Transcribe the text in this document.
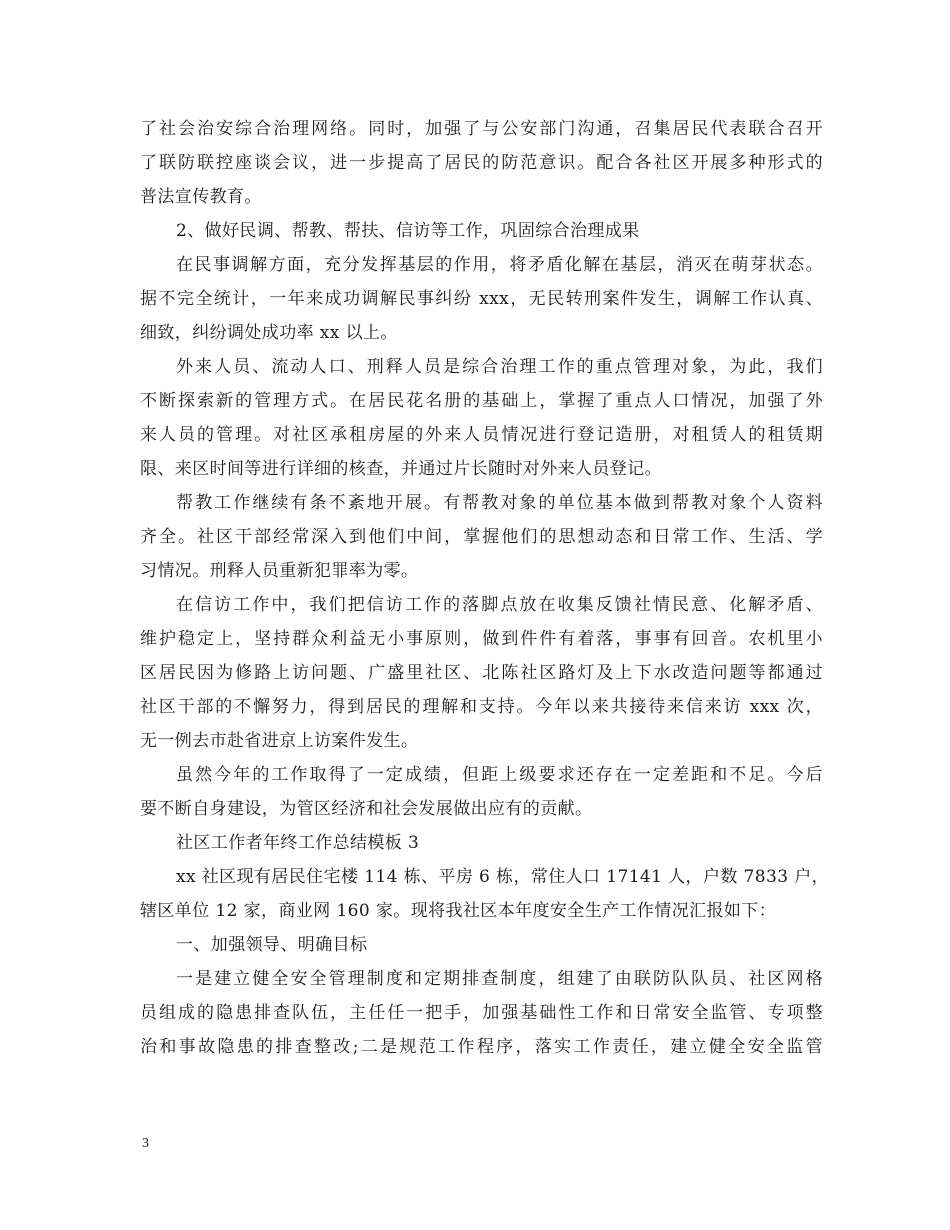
了社会治安综合治理网络。同时，加强了与公安部门沟通，召集居民代表联合召开
了联防联控座谈会议，进一步提高了居民的防范意识。配合各社区开展多种形式的
普法宣传教育。
2、做好民调、帮教、帮扶、信访等工作，巩固综合治理成果
在民事调解方面，充分发挥基层的作用，将矛盾化解在基层，消灭在萌芽状态。
据不完全统计，一年来成功调解民事纠纷 xxx，无民转刑案件发生，调解工作认真、
细致，纠纷调处成功率 xx 以上。
外来人员、流动人口、刑释人员是综合治理工作的重点管理对象，为此，我们
不断探索新的管理方式。在居民花名册的基础上，掌握了重点人口情况，加强了外
来人员的管理。对社区承租房屋的外来人员情况进行登记造册，对租赁人的租赁期
限、来区时间等进行详细的核查，并通过片长随时对外来人员登记。
帮教工作继续有条不紊地开展。有帮教对象的单位基本做到帮教对象个人资料
齐全。社区干部经常深入到他们中间，掌握他们的思想动态和日常工作、生活、学
习情况。刑释人员重新犯罪率为零。
在信访工作中，我们把信访工作的落脚点放在收集反馈社情民意、化解矛盾、
维护稳定上，坚持群众利益无小事原则，做到件件有着落，事事有回音。农机里小
区居民因为修路上访问题、广盛里社区、北陈社区路灯及上下水改造问题等都通过
社区干部的不懈努力，得到居民的理解和支持。今年以来共接待来信来访 xxx 次，
无一例去市赴省进京上访案件发生。
虽然今年的工作取得了一定成绩，但距上级要求还存在一定差距和不足。今后
要不断自身建设，为管区经济和社会发展做出应有的贡献。
社区工作者年终工作总结模板 3
xx 社区现有居民住宅楼 114 栋、平房 6 栋，常住人口 17141 人，户数 7833 户，
辖区单位 12 家，商业网 160 家。现将我社区本年度安全生产工作情况汇报如下：
一、加强领导、明确目标
一是建立健全安全管理制度和定期排查制度，组建了由联防队队员、社区网格
员组成的隐患排查队伍，主任任一把手，加强基础性工作和日常安全监管、专项整
治和事故隐患的排查整改;二是规范工作程序，落实工作责任，建立健全安全监管
3
